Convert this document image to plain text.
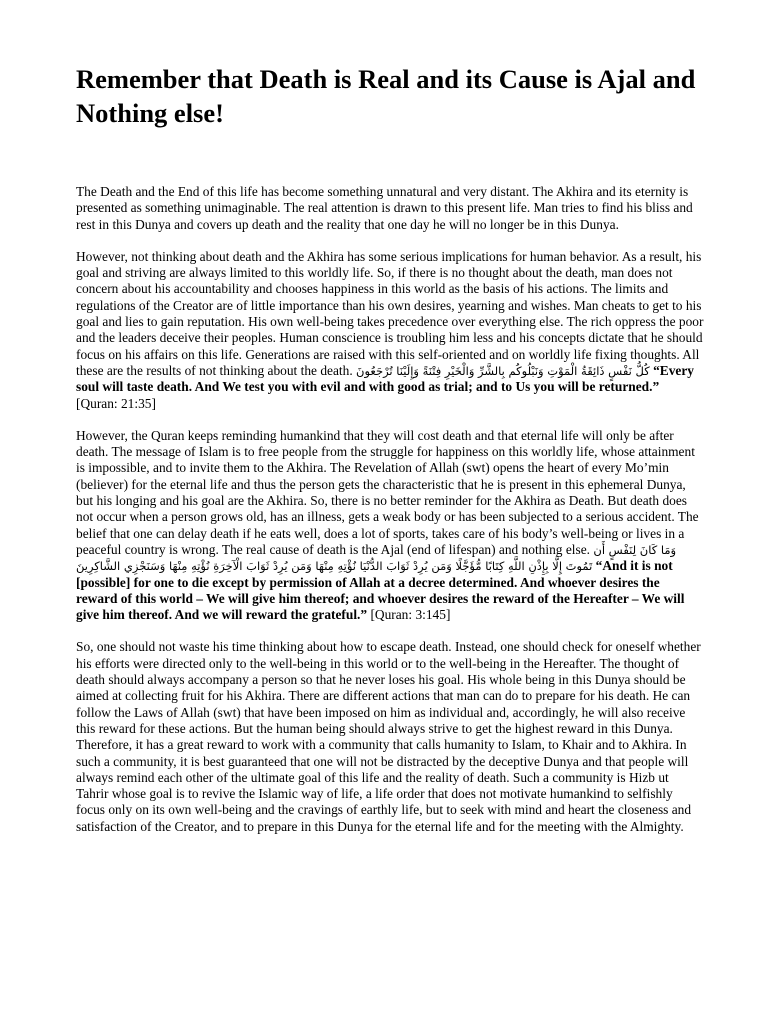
Remember that Death is Real and its Cause is Ajal and Nothing else!

The Death and the End of this life has become something unnatural and very distant. The Akhira and its eternity is presented as something unimaginable. The real attention is drawn to this present life. Man tries to find his bliss and rest in this Dunya and covers up death and the reality that one day he will no longer be in this Dunya.

However, not thinking about death and the Akhira has some serious implications for human behavior. As a result, his goal and striving are always limited to this worldly life. So, if there is no thought about the death, man does not concern about his accountability and chooses happiness in this world as the basis of his actions. The limits and regulations of the Creator are of little importance than his own desires, yearning and wishes. Man cheats to get to his goal and lies to gain reputation. His own well-being takes precedence over everything else. The rich oppress the poor and the leaders deceive their peoples. Human conscience is troubling him less and his concepts dictate that he should focus on his affairs on this life. Generations are raised with this self-oriented and on worldly life fixing thoughts. All these are the results of not thinking about the death. كُلُّ نَفْسٍ ذَائِقَةُ الْمَوْتِ وَنَبْلُوكُم بِالشَّرِّ وَالْخَيْرِ فِتْنَةً وَإِلَيْنَا تُرْجَعُونَ “Every soul will taste death. And We test you with evil and with good as trial; and to Us you will be returned.” [Quran: 21:35]

However, the Quran keeps reminding humankind that they will cost death and that eternal life will only be after death. The message of Islam is to free people from the struggle for happiness on this worldly life, whose attainment is impossible, and to invite them to the Akhira. The Revelation of Allah (swt) opens the heart of every Mo’min (believer) for the eternal life and thus the person gets the characteristic that he is present in this ephemeral Dunya, but his longing and his goal are the Akhira. So, there is no better reminder for the Akhira as Death. But death does not occur when a person grows old, has an illness, gets a weak body or has been subjected to a serious accident. The belief that one can delay death if he eats well, does a lot of sports, takes care of his body’s well-being or lives in a peaceful country is wrong. The real cause of death is the Ajal (end of lifespan) and nothing else. وَمَا كَانَ لِنَفْسٍ أَن تَمُوتَ إِلَّا بِإِذْنِ اللَّهِ كِتَابًا مُّؤَجَّلًا وَمَن يُرِدْ ثَوَابَ الدُّنْيَا نُؤْتِهِ مِنْهَا وَمَن يُرِدْ ثَوَابَ الْآخِرَةِ نُؤْتِهِ مِنْهَا وَسَنَجْزِي الشَّاكِرِينَ “And it is not [possible] for one to die except by permission of Allah at a decree determined. And whoever desires the reward of this world – We will give him thereof; and whoever desires the reward of the Hereafter – We will give him thereof. And we will reward the grateful.” [Quran: 3:145]

So, one should not waste his time thinking about how to escape death. Instead, one should check for oneself whether his efforts were directed only to the well-being in this world or to the well-being in the Hereafter. The thought of death should always accompany a person so that he never loses his goal. His whole being in this Dunya should be aimed at collecting fruit for his Akhira. There are different actions that man can do to prepare for his death. He can follow the Laws of Allah (swt) that have been imposed on him as individual and, accordingly, he will also receive this reward for these actions. But the human being should always strive to get the highest reward in this Dunya. Therefore, it has a great reward to work with a community that calls humanity to Islam, to Khair and to Akhira. In such a community, it is best guaranteed that one will not be distracted by the deceptive Dunya and that people will always remind each other of the ultimate goal of this life and the reality of death. Such a community is Hizb ut Tahrir whose goal is to revive the Islamic way of life, a life order that does not motivate humankind to selfishly focus only on its own well-being and the cravings of earthly life, but to seek with mind and heart the closeness and satisfaction of the Creator, and to prepare in this Dunya for the eternal life and for the meeting with the Almighty.
